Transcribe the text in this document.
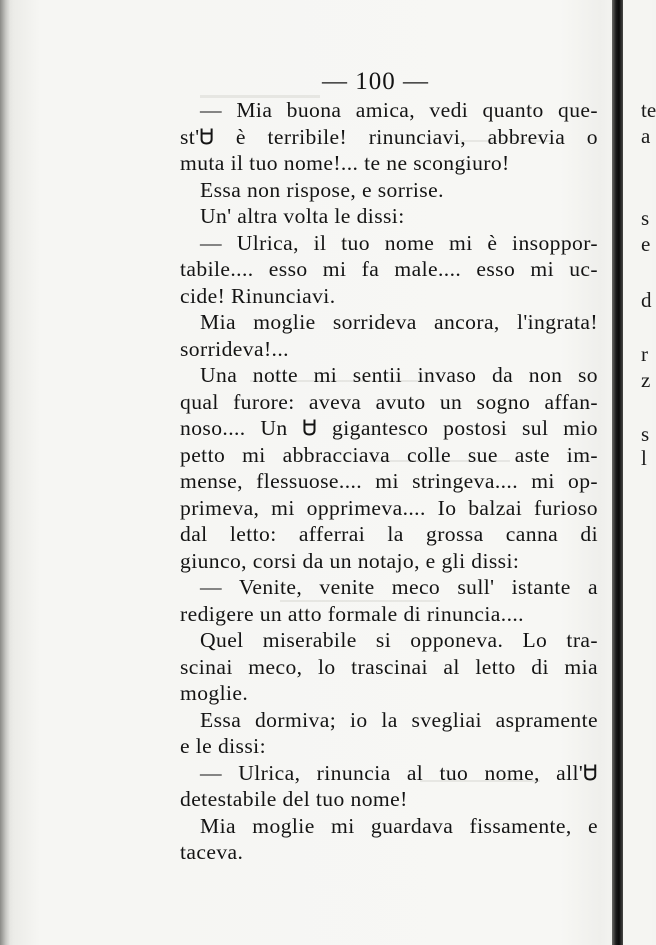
— 100 —
— Mia buona amica, vedi quanto que-
st'Ꮜ è terribile! rinunciavi, abbrevia o
muta il tuo nome!... te ne scongiuro!
Essa non rispose, e sorrise.
Un' altra volta le dissi:
— Ulrica, il tuo nome mi è insoppor-
tabile.... esso mi fa male.... esso mi uc-
cide! Rinunciavi.
Mia moglie sorrideva ancora, l'ingrata!
sorrideva!...
Una notte mi sentii invaso da non so
qual furore: aveva avuto un sogno affan-
noso.... Un Ꮜ gigantesco postosi sul mio
petto mi abbracciava colle sue aste im-
mense, flessuose.... mi stringeva.... mi op-
primeva, mi opprimeva.... Io balzai furioso
dal letto: afferrai la grossa canna di
giunco, corsi da un notajo, e gli dissi:
— Venite, venite meco sull' istante a
redigere un atto formale di rinuncia....
Quel miserabile si opponeva. Lo tra-
scinai meco, lo trascinai al letto di mia
moglie.
Essa dormiva; io la svegliai aspramente
e le dissi:
— Ulrica, rinuncia al tuo nome, all'Ꮜ
detestabile del tuo nome!
Mia moglie mi guardava fissamente, e
taceva.
te
a
s
e
d
r
z
s
l
